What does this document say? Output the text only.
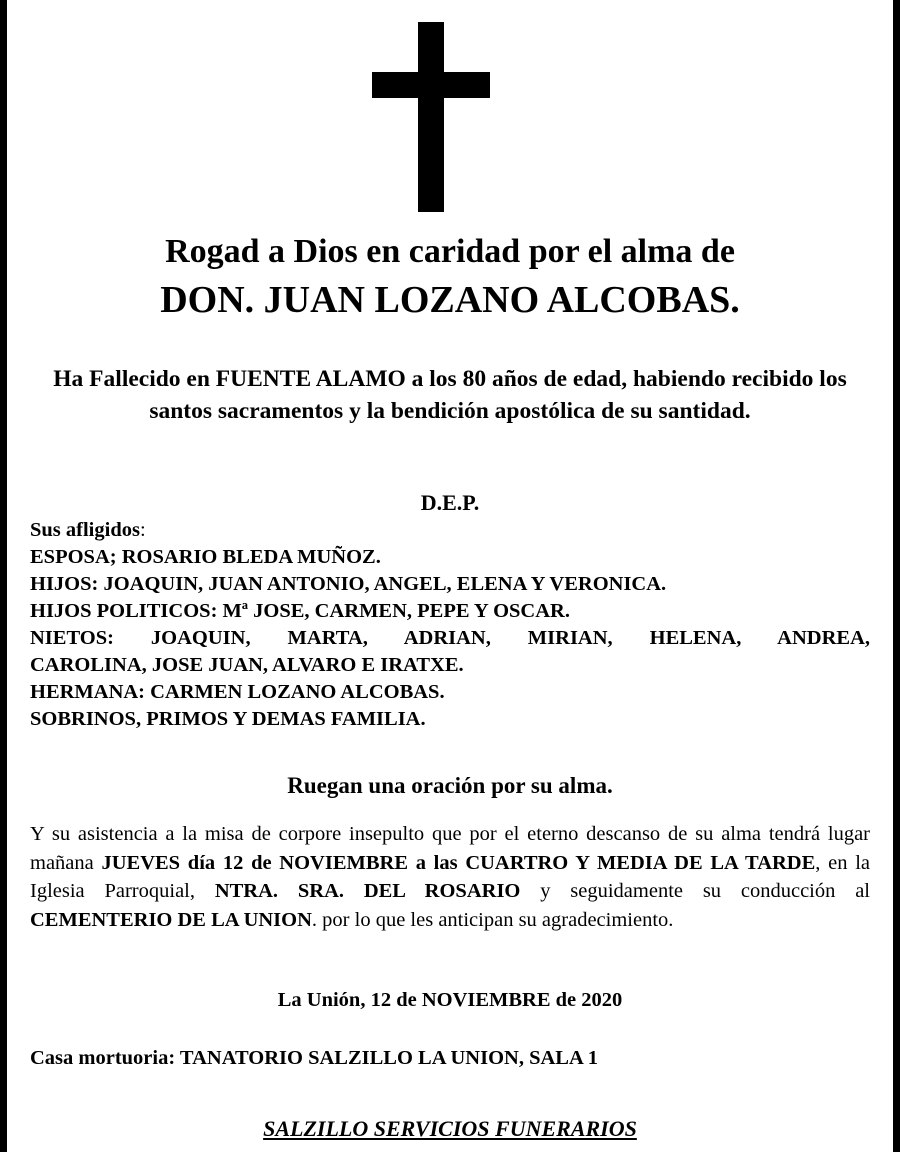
Rogad a Dios en caridad por el alma de
DON. JUAN LOZANO ALCOBAS.
Ha Fallecido en FUENTE ALAMO a los 80 años de edad, habiendo recibido los santos sacramentos y la bendición apostólica de su santidad.
D.E.P.
Sus afligidos:
ESPOSA; ROSARIO BLEDA MUÑOZ.
HIJOS: JOAQUIN, JUAN ANTONIO, ANGEL, ELENA Y VERONICA.
HIJOS POLITICOS: Mª JOSE, CARMEN, PEPE Y OSCAR.
NIETOS: JOAQUIN, MARTA, ADRIAN, MIRIAN, HELENA, ANDREA,
CAROLINA, JOSE JUAN, ALVARO E IRATXE.
HERMANA: CARMEN LOZANO ALCOBAS.
SOBRINOS, PRIMOS Y DEMAS FAMILIA.
Ruegan una oración por su alma.
Y su asistencia a la misa de corpore insepulto que por el eterno descanso de su alma tendrá lugar mañana JUEVES día 12 de NOVIEMBRE a las CUARTRO Y MEDIA DE LA TARDE, en la Iglesia Parroquial, NTRA. SRA. DEL ROSARIO y seguidamente su conducción al CEMENTERIO DE LA UNION. por lo que les anticipan su agradecimiento.
La Unión, 12 de NOVIEMBRE de 2020
Casa mortuoria: TANATORIO SALZILLO LA UNION, SALA 1
SALZILLO SERVICIOS FUNERARIOS
